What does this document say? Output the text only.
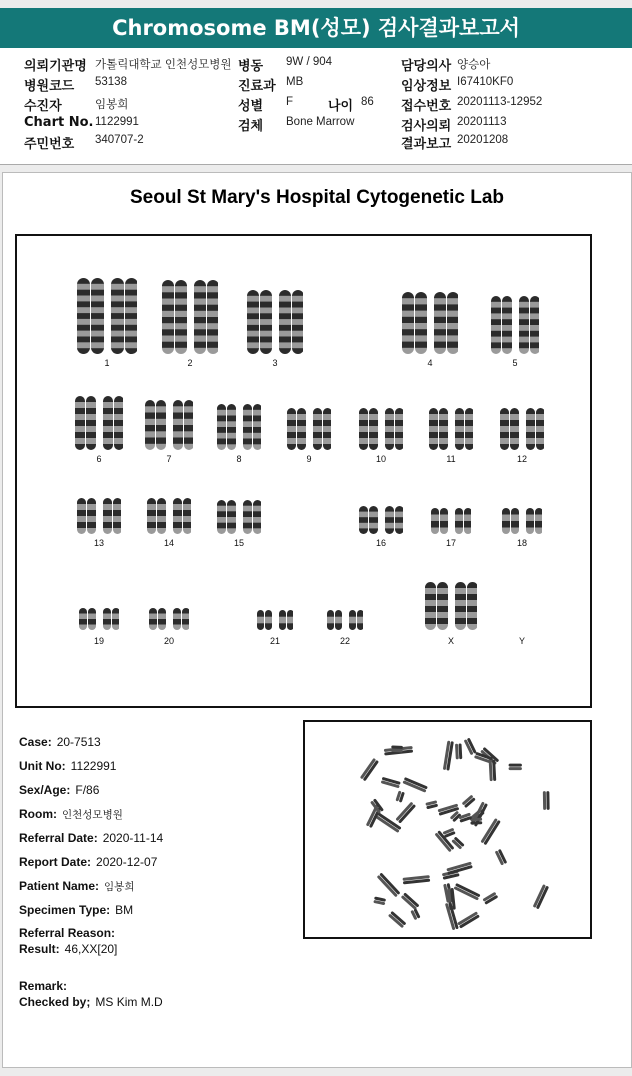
Chromosome BM(성모) 검사결과보고서
의뢰기관명 가톨릭대학교 인천성모병원
병원코드 53138
수진자	임봉희
Chart No. 1122991
주민번호 340707-2
병동 9W / 904
진료과 MB
성별 F	나이 86
검체 Bone Marrow
담당의사 양승아
임상정보 I67410KF0
접수번호 20201113-12952
검사의뢰 20201113
결과보고 20201208
Seoul St Mary's Hospital Cytogenetic Lab
1	2	3	4	5
6	7	8	9	10	11	12
13	14	15	16	17	18
19	20	21	22	X	Y
Case: 20-7513
Unit No: 1122991
Sex/Age: F/86
Room: 인천성모병원
Referral Date: 2020-11-14
Report Date: 2020-12-07
Patient Name: 임봉희
Specimen Type: BM
Referral Reason:
Result: 46,XX[20]
Remark:
Checked by; MS Kim M.D
